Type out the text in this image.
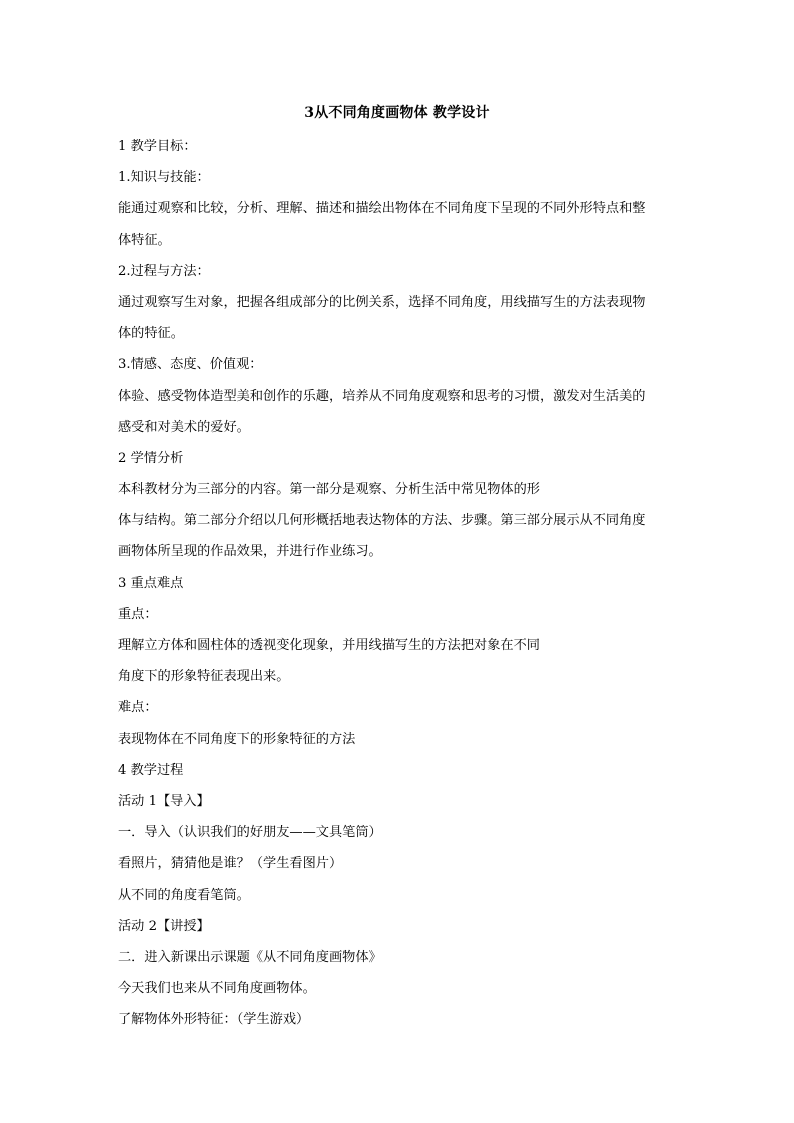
3从不同角度画物体 教学设计
1 教学目标：
1.知识与技能：
能通过观察和比较，分析、理解、描述和描绘出物体在不同角度下呈现的不同外形特点和整
体特征。
2.过程与方法：
通过观察写生对象，把握各组成部分的比例关系，选择不同角度，用线描写生的方法表现物
体的特征。
3.情感、态度、价值观：
体验、感受物体造型美和创作的乐趣，培养从不同角度观察和思考的习惯，激发对生活美的
感受和对美术的爱好。
2 学情分析
本科教材分为三部分的内容。第一部分是观察、分析生活中常见物体的形
体与结构。第二部分介绍以几何形概括地表达物体的方法、步骤。第三部分展示从不同角度
画物体所呈现的作品效果，并进行作业练习。
3 重点难点
重点：
理解立方体和圆柱体的透视变化现象，并用线描写生的方法把对象在不同
角度下的形象特征表现出来。
难点：
表现物体在不同角度下的形象特征的方法
4 教学过程
活动 1【导入】
一．导入（认识我们的好朋友——文具笔筒）
看照片，猜猜他是谁？（学生看图片）
从不同的角度看笔筒。
活动 2【讲授】
二．进入新课出示课题《从不同角度画物体》
今天我们也来从不同角度画物体。
了解物体外形特征：（学生游戏）
